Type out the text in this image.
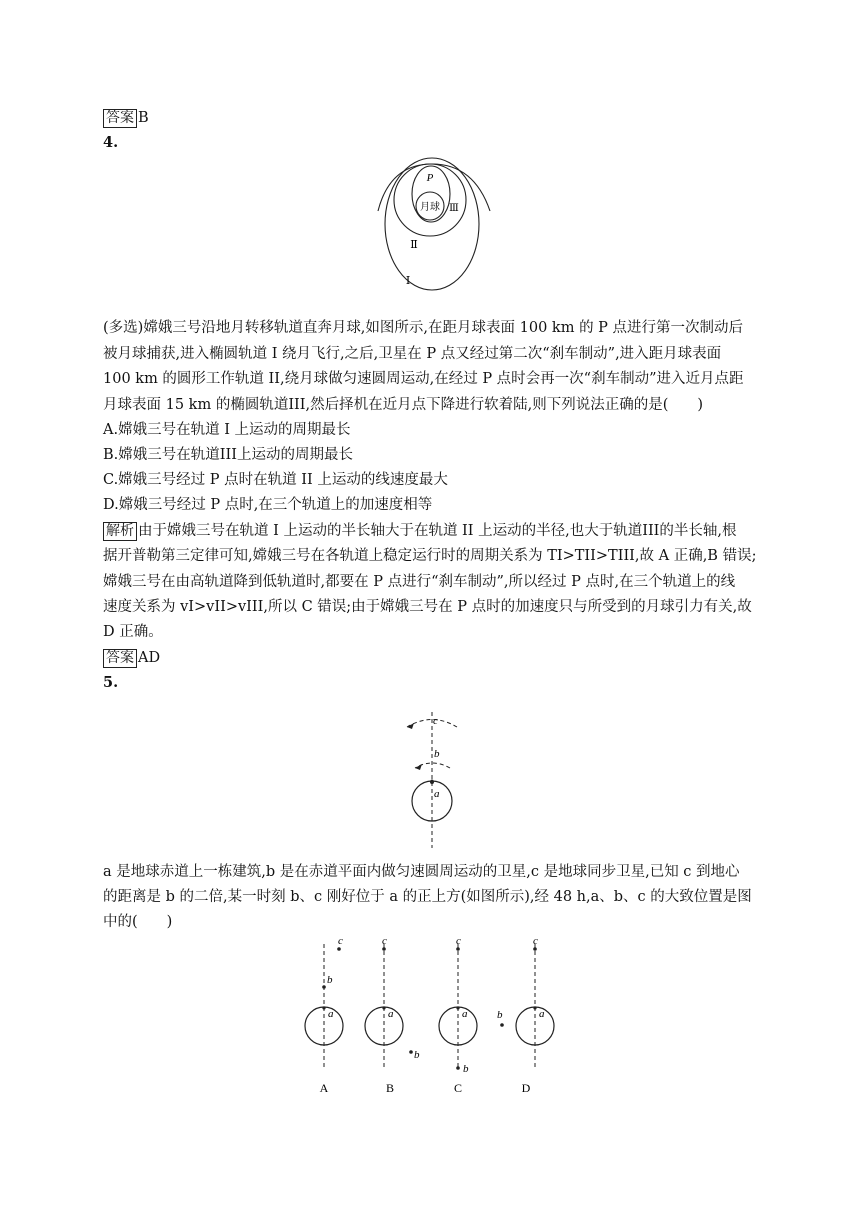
答案 B
4.
P
月球 Ⅲ
Ⅱ
Ⅰ
(多选)嫦娥三号沿地月转移轨道直奔月球,如图所示,在距月球表面 100 km 的 P 点进行第一次制动后
被月球捕获,进入椭圆轨道 I 绕月飞行,之后,卫星在 P 点又经过第二次“刹车制动”,进入距月球表面
100 km 的圆形工作轨道 II,绕月球做匀速圆周运动,在经过 P 点时会再一次“刹车制动”进入近月点距
月球表面 15 km 的椭圆轨道III,然后择机在近月点下降进行软着陆,则下列说法正确的是(　　)
A.嫦娥三号在轨道 I 上运动的周期最长
B.嫦娥三号在轨道III上运动的周期最长
C.嫦娥三号经过 P 点时在轨道 II 上运动的线速度最大
D.嫦娥三号经过 P 点时,在三个轨道上的加速度相等
解析 由于嫦娥三号在轨道 I 上运动的半长轴大于在轨道 II 上运动的半径,也大于轨道III的半长轴,根
据开普勒第三定律可知,嫦娥三号在各轨道上稳定运行时的周期关系为 TI>TII>TIII,故 A 正确,B 错误;
嫦娥三号在由高轨道降到低轨道时,都要在 P 点进行“刹车制动”,所以经过 P 点时,在三个轨道上的线
速度关系为 vI>vII>vIII,所以 C 错误;由于嫦娥三号在 P 点时的加速度只与所受到的月球引力有关,故
D 正确。
答案 AD
5.
c
b
a
a 是地球赤道上一栋建筑,b 是在赤道平面内做匀速圆周运动的卫星,c 是地球同步卫星,已知 c 到地心
的距离是 b 的二倍,某一时刻 b、c 刚好位于 a 的正上方(如图所示),经 48 h,a、b、c 的大致位置是图
中的(　　)
a
b
c
A
a
c
b
B
a
c
b
C
a
c
b
D
